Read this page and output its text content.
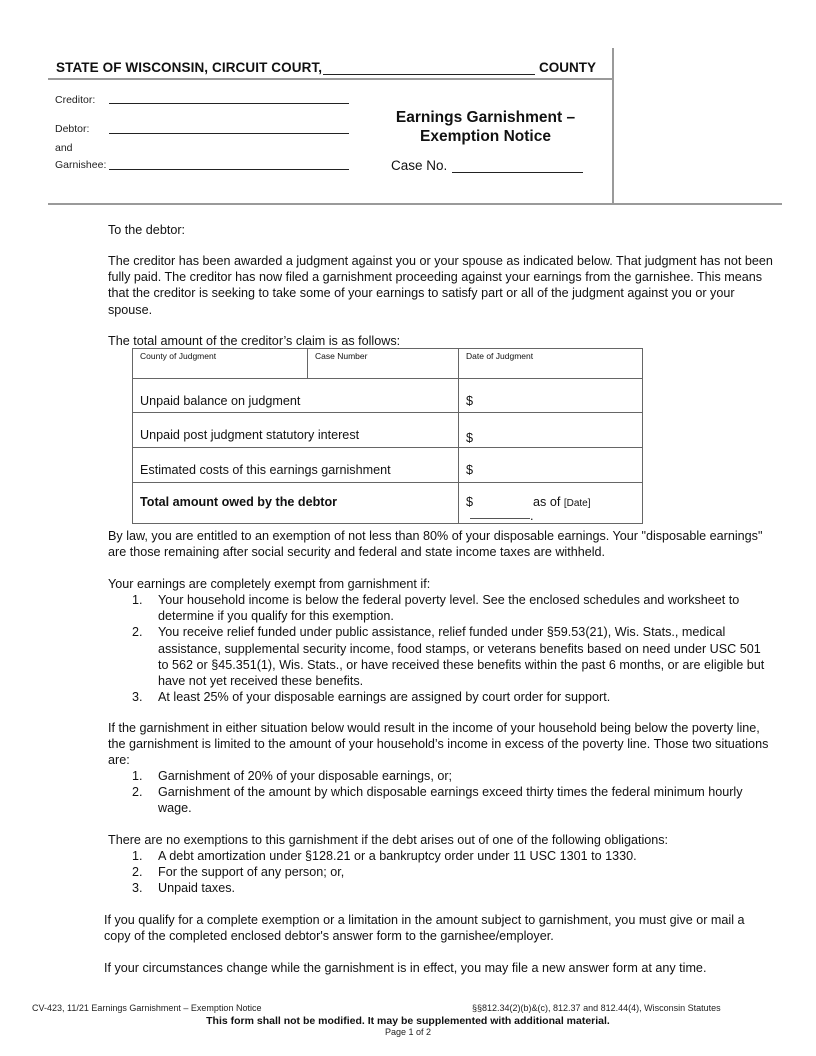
STATE OF WISCONSIN, CIRCUIT COURT,	COUNTY
Creditor:
Debtor:
and
Garnishee:
Earnings Garnishment –
Exemption Notice
Case No.
To the debtor:
The creditor has been awarded a judgment against you or your spouse as indicated below. That judgment has not been fully paid. The creditor has now filed a garnishment proceeding against your earnings from the garnishee. This means that the creditor is seeking to take some of your earnings to satisfy part or all of the judgment against you or your spouse.
The total amount of the creditor’s claim is as follows:
County of Judgment	Case Number	Date of Judgment
Unpaid balance on judgment		$
Unpaid post judgment statutory interest		$
Estimated costs of this earnings garnishment		$
Total amount owed by the debtor		$ as of [Date].
By law, you are entitled to an exemption of not less than 80% of your disposable earnings. Your "disposable earnings" are those remaining after social security and federal and state income taxes are withheld.
Your earnings are completely exempt from garnishment if:
1. Your household income is below the federal poverty level. See the enclosed schedules and worksheet to determine if you qualify for this exemption.
2. You receive relief funded under public assistance, relief funded under §59.53(21), Wis. Stats., medical assistance, supplemental security income, food stamps, or veterans benefits based on need under USC 501 to 562 or §45.351(1), Wis. Stats., or have received these benefits within the past 6 months, or are eligible but have not yet received these benefits.
3. At least 25% of your disposable earnings are assigned by court order for support.
If the garnishment in either situation below would result in the income of your household being below the poverty line, the garnishment is limited to the amount of your household’s income in excess of the poverty line. Those two situations are:
1. Garnishment of 20% of your disposable earnings, or;
2. Garnishment of the amount by which disposable earnings exceed thirty times the federal minimum hourly wage.
There are no exemptions to this garnishment if the debt arises out of one of the following obligations:
1. A debt amortization under §128.21 or a bankruptcy order under 11 USC 1301 to 1330.
2. For the support of any person; or,
3. Unpaid taxes.
If you qualify for a complete exemption or a limitation in the amount subject to garnishment, you must give or mail a copy of the completed enclosed debtor's answer form to the garnishee/employer.
If your circumstances change while the garnishment is in effect, you may file a new answer form at any time.
CV-423, 11/21 Earnings Garnishment – Exemption Notice	§§812.34(2)(b)&(c), 812.37 and 812.44(4), Wisconsin Statutes
This form shall not be modified. It may be supplemented with additional material.
Page 1 of 2
